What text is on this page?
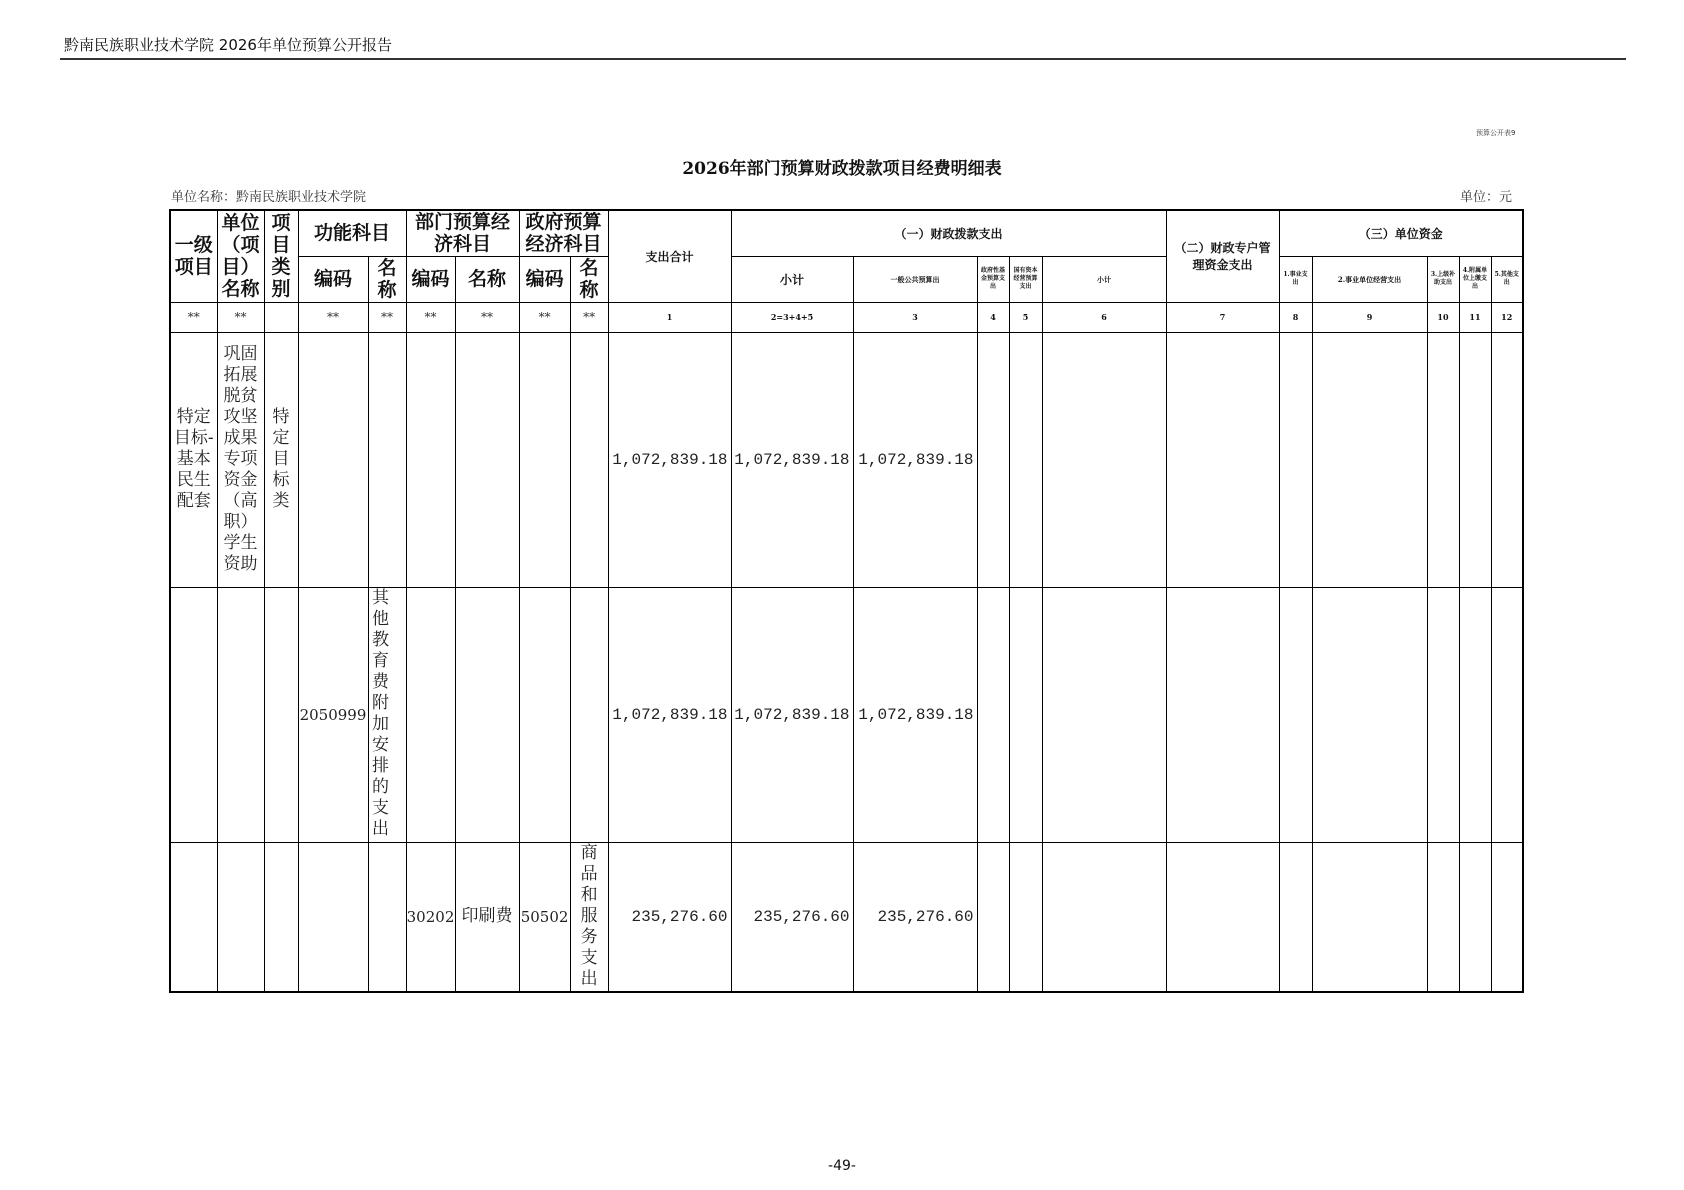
黔南民族职业技术学院 2026年单位预算公开报告
预算公开表9
2026年部门预算财政拨款项目经费明细表
单位名称：黔南民族职业技术学院	单位：元
一级项目	单位（项目）名称	项目类别	功能科目		部门预算经济科目		政府预算经济科目		支出合计	（一）财政拨款支出					（二）财政专户管理资金支出	（三）单位资金				
			编码	名称	编码	名称	编码	名称		小计	一般公共预算出	政府性基金预算支出	国有资本经营预算支出	小计		1.事业支出	2.事业单位经营支出	3.上级补助支出	4.附属单位上缴支出	5.其他支出

**	**		**	**	**	**	**	**	1	2=3+4+5	3	4	5	6	7	8	9	10	11	12

特定目标-基本民生配套	巩固拓展脱贫攻坚成果专项资金（高职）学生资助	特定目标类							1,072,839.18	1,072,839.18	1,072,839.18									
			2050999	其他教育费附加安排的支出					1,072,839.18	1,072,839.18	1,072,839.18									
					30202	印刷费	50502	商品和服务支出	235,276.60	235,276.60	235,276.60									
-49-
